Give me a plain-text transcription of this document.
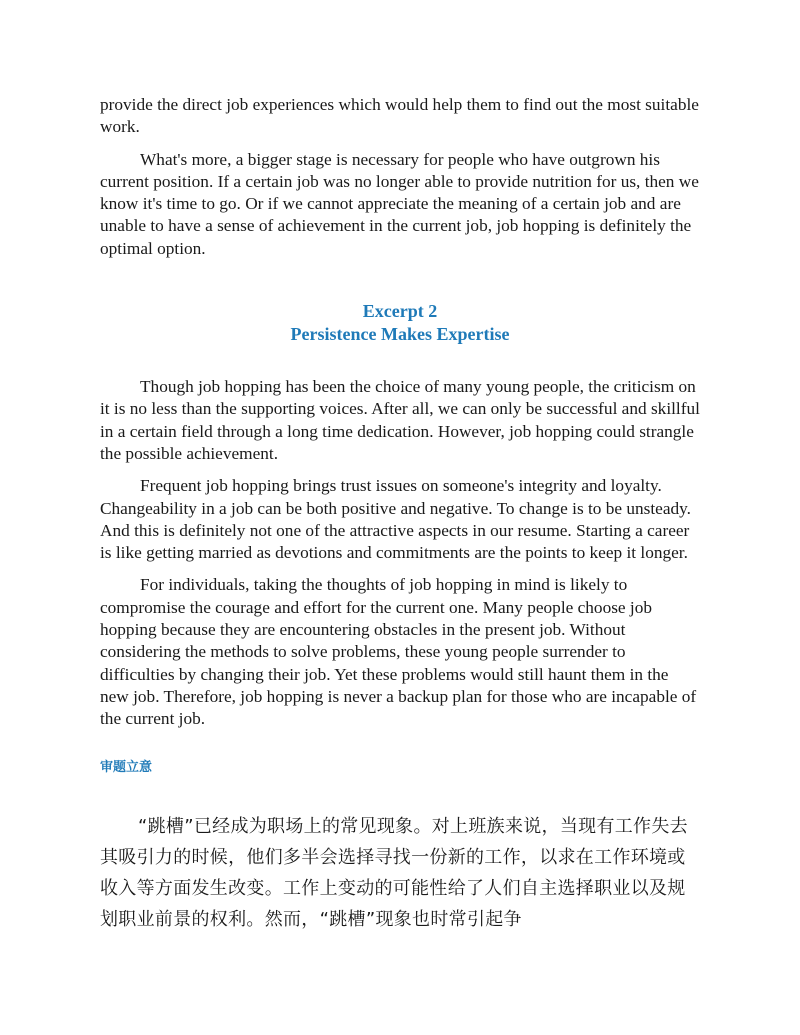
provide the direct job experiences which would help them to find out the most suitable work.

What's more, a bigger stage is necessary for people who have outgrown his current position. If a certain job was no longer able to provide nutrition for us, then we know it's time to go. Or if we cannot appreciate the meaning of a certain job and are unable to have a sense of achievement in the current job, job hopping is definitely the optimal option.

Excerpt 2
Persistence Makes Expertise

Though job hopping has been the choice of many young people, the criticism on it is no less than the supporting voices. After all, we can only be successful and skillful in a certain field through a long time dedication. However, job hopping could strangle the possible achievement.

Frequent job hopping brings trust issues on someone's integrity and loyalty. Changeability in a job can be both positive and negative. To change is to be unsteady. And this is definitely not one of the attractive aspects in our resume. Starting a career is like getting married as devotions and commitments are the points to keep it longer.

For individuals, taking the thoughts of job hopping in mind is likely to compromise the courage and effort for the current one. Many people choose job hopping because they are encountering obstacles in the present job. Without considering the methods to solve problems, these young people surrender to difficulties by changing their job. Yet these problems would still haunt them in the new job. Therefore, job hopping is never a backup plan for those who are incapable of the current job.

审题立意

“跳槽”已经成为职场上的常见现象。对上班族来说，当现有工作失去其吸引力的时候，他们多半会选择寻找一份新的工作，以求在工作环境或收入等方面发生改变。工作上变动的可能性给了人们自主选择职业以及规划职业前景的权利。然而，“跳槽”现象也时常引起争
